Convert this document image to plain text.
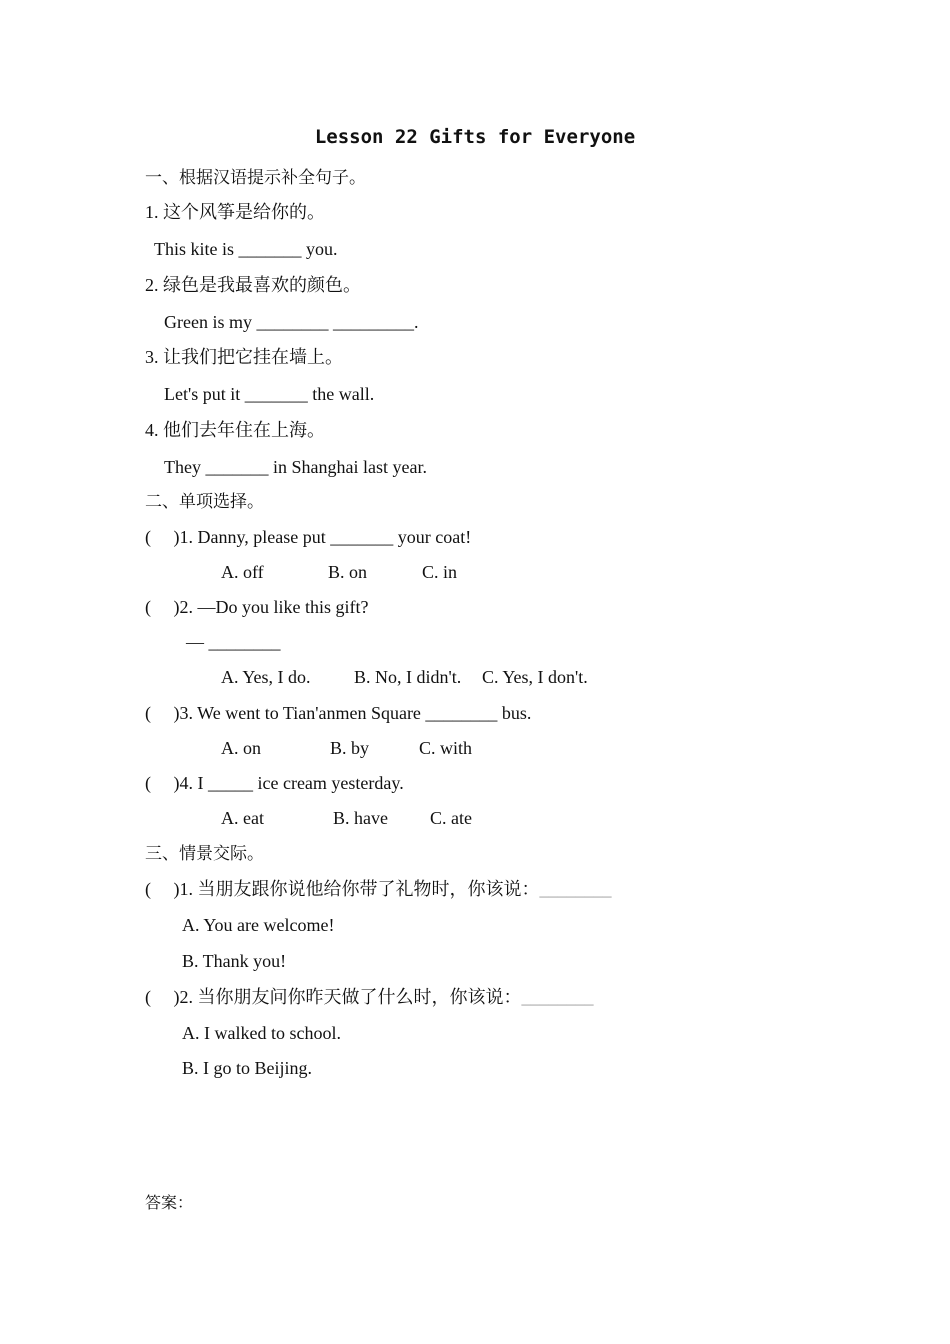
Lesson 22 Gifts for Everyone
一、根据汉语提示补全句子。
1. 这个风筝是给你的。
This kite is _______ you.
2. 绿色是我最喜欢的颜色。
Green is my ________ _________.
3. 让我们把它挂在墙上。
Let's put it _______ the wall.
4. 他们去年住在上海。
They _______ in Shanghai last year.
二、单项选择。
(     )1. Danny, please put _______ your coat!
A. off	B. on	C. in
(     )2. —Do you like this gift?
— ________
A. Yes, I do. B. No, I didn't. C. Yes, I don't.
(     )3. We went to Tian'anmen Square ________ bus.
A. on	B. by	C. with
(     )4. I _____ ice cream yesterday.
A. eat	B. have C. ate
三、情景交际。
(     )1. 当朋友跟你说他给你带了礼物时，你该说：________
A. You are welcome!
B. Thank you!
(     )2. 当你朋友问你昨天做了什么时，你该说：________
A. I walked to school.
B. I go to Beijing.
答案：
